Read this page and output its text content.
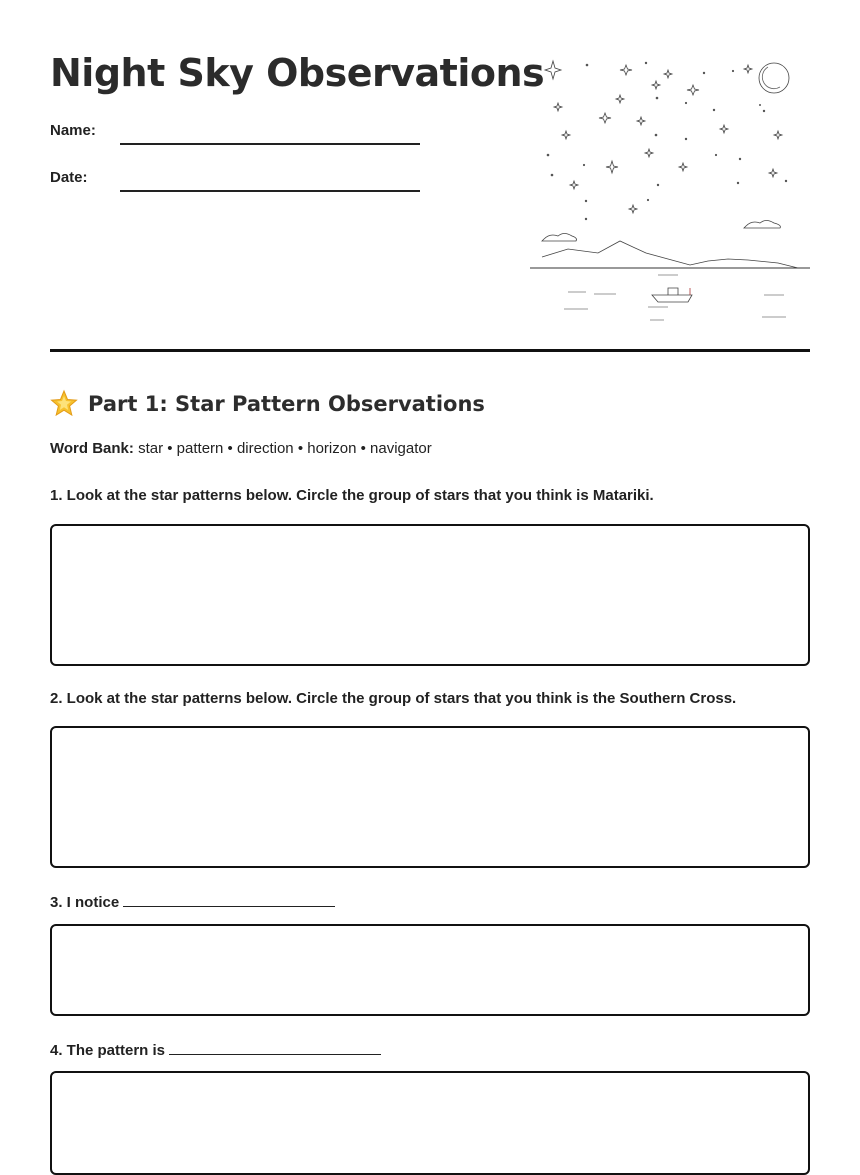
Night Sky Observations
Name:
Date:
Part 1: Star Pattern Observations
Word Bank: star • pattern • direction • horizon • navigator
1. Look at the star patterns below. Circle the group of stars that you think is Matariki.
2. Look at the star patterns below. Circle the group of stars that you think is the Southern Cross.
3. I notice
4. The pattern is
